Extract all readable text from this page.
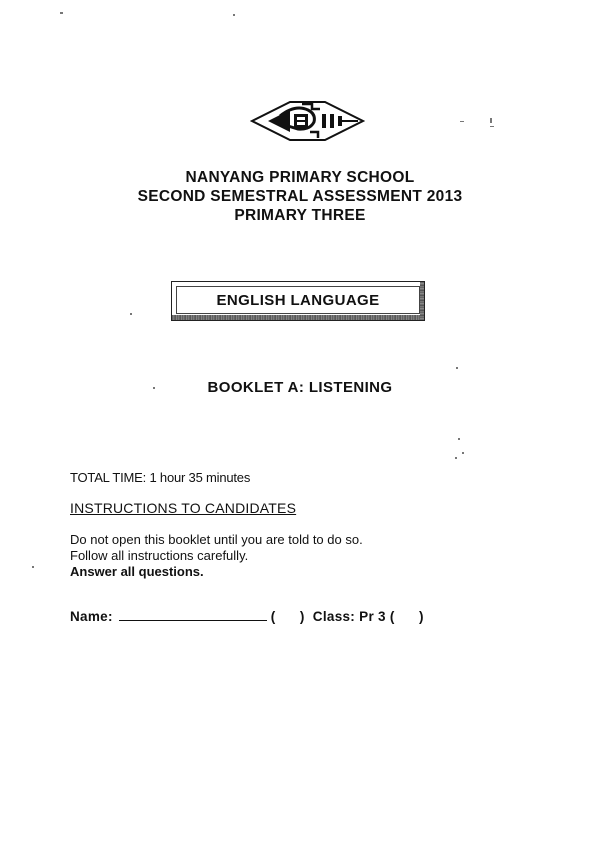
NANYANG PRIMARY SCHOOL
SECOND SEMESTRAL ASSESSMENT 2013
PRIMARY THREE
ENGLISH LANGUAGE
BOOKLET A: LISTENING
TOTAL TIME: 1 hour 35 minutes
INSTRUCTIONS TO CANDIDATES
Do not open this booklet until you are told to do so.
Follow all instructions carefully.
Answer all questions.
Name:	( ) Class: Pr 3 ( )
